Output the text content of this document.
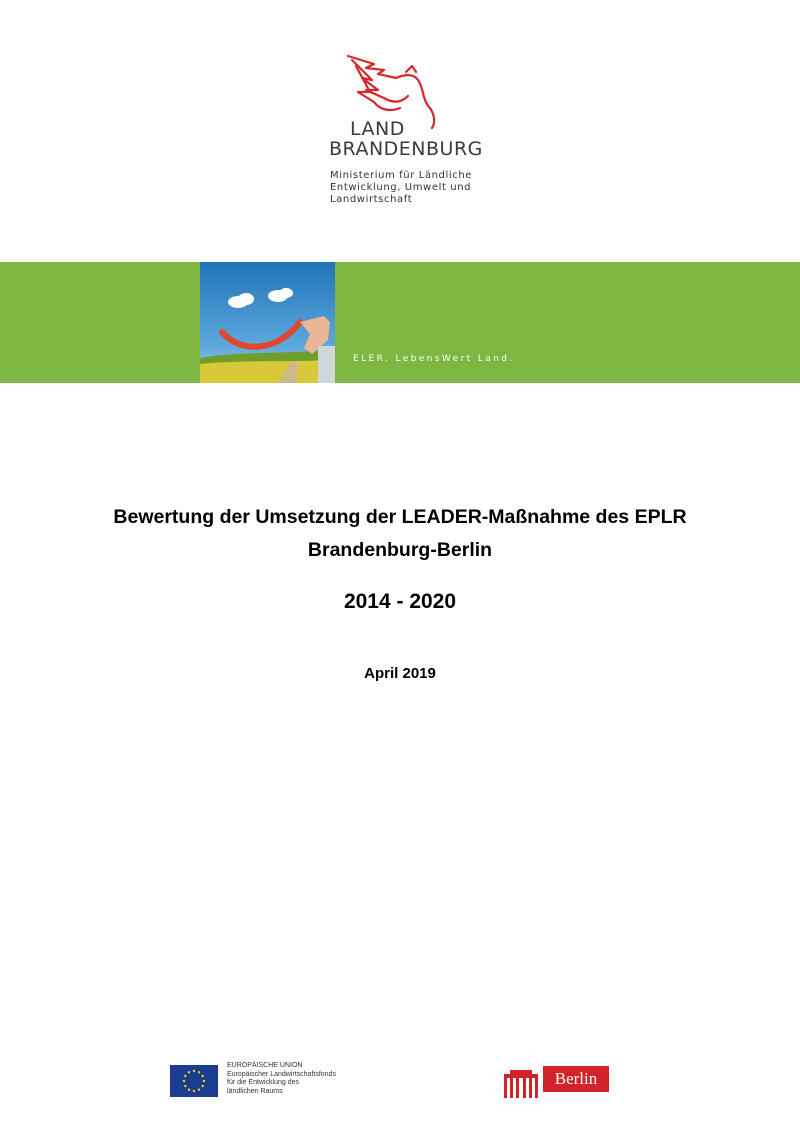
LAND
BRANDENBURG
Ministerium für Ländliche
Entwicklung, Umwelt und
Landwirtschaft
ELER. LebensWert Land.
Bewertung der Umsetzung der LEADER-Maßnahme des EPLR
Brandenburg-Berlin
2014 - 2020
April 2019
EUROPÄISCHE UNION
Europäischer Landwirtschaftsfonds
für die Entwicklung des
ländlichen Raums
Berlin
